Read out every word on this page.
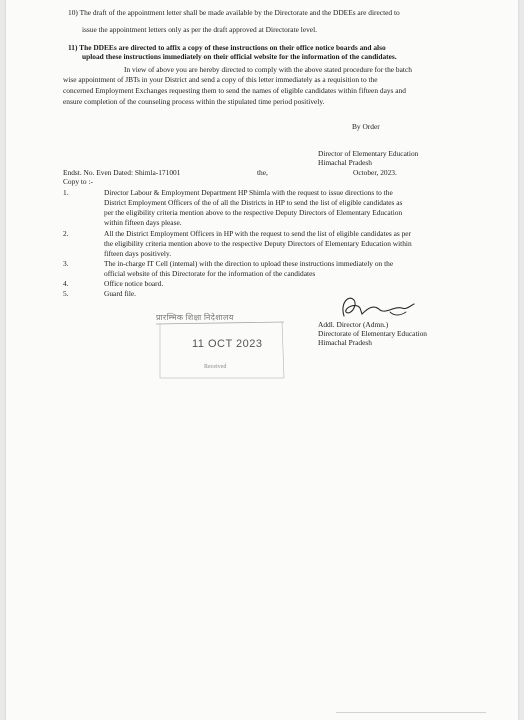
10) The draft of the appointment letter shall be made available by the Directorate and the DDEEs are directed to
issue the appointment letters only as per the draft approved at Directorate level.
11) The DDEEs are directed to affix a copy of these instructions on their office notice boards and also
upload these instructions immediately on their official website for the information of the candidates.
In view of above you are hereby directed to comply with the above stated procedure for the batch
wise appointment of JBTs in your District and send a copy of this letter immediately as a requisition to the
concerned Employment Exchanges requesting them to send the names of eligible candidates within fifteen days and
ensure completion of the counseling process within the stipulated time period positively.
By Order
Director of Elementary Education
Himachal Pradesh
Endst. No. Even Dated: Shimla-171001	the,	October, 2023.
Copy to :-
1.	Director Labour & Employment Department HP Shimla with the request to issue directions to the
District Employment Officers of the of all the Districts in HP to send the list of eligible candidates as
per the eligibility criteria mention above to the respective Deputy Directors of Elementary Education
within fifteen days please.
2.	All the District Employment Officers in HP with the request to send the list of eligible candidates as per
the eligibility criteria mention above to the respective Deputy Directors of Elementary Education within
fifteen days positively.
3.	The in-charge IT Cell (internal) with the direction to upload these instructions immediately on the
official website of this Directorate for the information of the candidates
4.	Office notice board.
5.	Guard file.
Addl. Director (Admn.)
Directorate of Elementary Education
Himachal Pradesh
प्रारम्भिक शिक्षा निदेशालय
11 OCT 2023
Received
